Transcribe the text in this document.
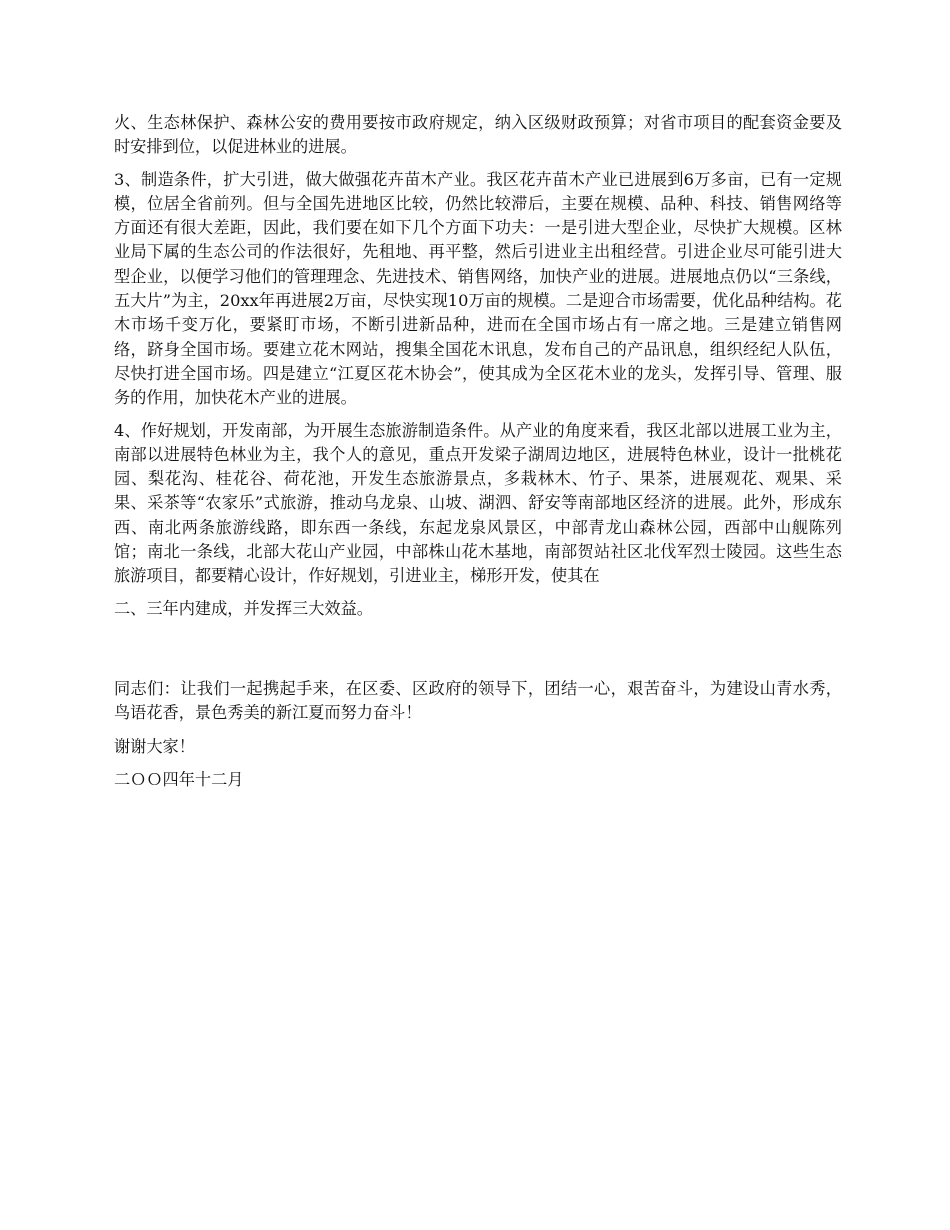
火、生态林保护、森林公安的费用要按市政府规定，纳入区级财政预算；对省市项目的配套资金要及时安排到位，以促进林业的进展。

3、制造条件，扩大引进，做大做强花卉苗木产业。我区花卉苗木产业已进展到6万多亩，已有一定规模，位居全省前列。但与全国先进地区比较，仍然比较滞后，主要在规模、品种、科技、销售网络等方面还有很大差距，因此，我们要在如下几个方面下功夫：一是引进大型企业，尽快扩大规模。区林业局下属的生态公司的作法很好，先租地、再平整，然后引进业主出租经营。引进企业尽可能引进大型企业，以便学习他们的管理理念、先进技术、销售网络，加快产业的进展。进展地点仍以“三条线，五大片”为主，20xx年再进展2万亩，尽快实现10万亩的规模。二是迎合市场需要，优化品种结构。花木市场千变万化，要紧盯市场，不断引进新品种，进而在全国市场占有一席之地。三是建立销售网络，跻身全国市场。要建立花木网站，搜集全国花木讯息，发布自己的产品讯息，组织经纪人队伍，尽快打进全国市场。四是建立“江夏区花木协会”，使其成为全区花木业的龙头，发挥引导、管理、服务的作用，加快花木产业的进展。

4、作好规划，开发南部，为开展生态旅游制造条件。从产业的角度来看，我区北部以进展工业为主，南部以进展特色林业为主，我个人的意见，重点开发梁子湖周边地区，进展特色林业，设计一批桃花园、梨花沟、桂花谷、荷花池，开发生态旅游景点，多栽林木、竹子、果茶，进展观花、观果、采果、采茶等“农家乐”式旅游，推动乌龙泉、山坡、湖泗、舒安等南部地区经济的进展。此外，形成东西、南北两条旅游线路，即东西一条线，东起龙泉风景区，中部青龙山森林公园，西部中山舰陈列馆；南北一条线，北部大花山产业园，中部株山花木基地，南部贺站社区北伐军烈士陵园。这些生态旅游项目，都要精心设计，作好规划，引进业主，梯形开发，使其在

二、三年内建成，并发挥三大效益。

同志们：让我们一起携起手来，在区委、区政府的领导下，团结一心，艰苦奋斗，为建设山青水秀，鸟语花香，景色秀美的新江夏而努力奋斗！

谢谢大家！

二ＯＯ四年十二月
